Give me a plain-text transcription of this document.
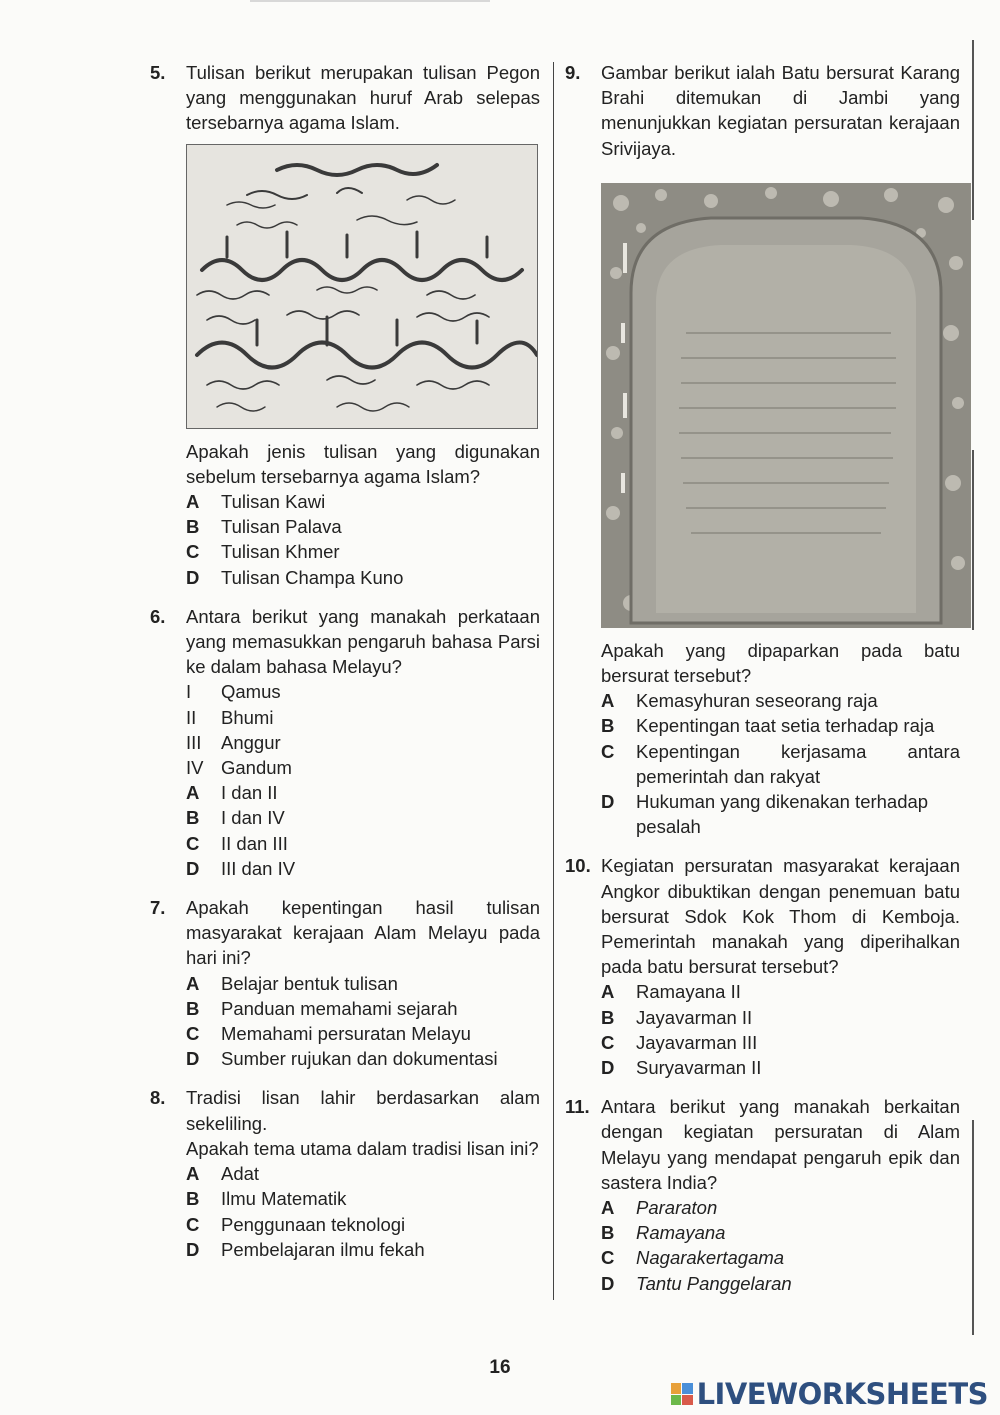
5. Tulisan berikut merupakan tulisan Pegon yang menggunakan huruf Arab selepas tersebarnya agama Islam.

Apakah jenis tulisan yang digunakan sebelum tersebarnya agama Islam?

A	Tulisan Kawi
B	Tulisan Palava
C	Tulisan Khmer
D	Tulisan Champa Kuno
6. Antara berikut yang manakah perkataan yang memasukkan pengaruh bahasa Parsi ke dalam bahasa Melayu?

I	Qamus
II	Bhumi
III	Anggur
IV Gandum
A	I dan II
B	I dan IV
C	II dan III
D	III dan IV
7. Apakah kepentingan hasil tulisan masyarakat kerajaan Alam Melayu pada hari ini?

A	Belajar bentuk tulisan
B	Panduan memahami sejarah
C	Memahami persuratan Melayu
D	Sumber rujukan dan dokumentasi
8. Tradisi lisan lahir berdasarkan alam sekeliling.

Apakah tema utama dalam tradisi lisan ini?

A	Adat
B	Ilmu Matematik
C	Penggunaan teknologi
D	Pembelajaran ilmu fekah
9. Gambar berikut ialah Batu bersurat Karang Brahi ditemukan di Jambi yang menunjukkan kegiatan persuratan kerajaan Srivijaya.

Apakah yang dipaparkan pada batu bersurat tersebut?

A	Kemasyhuran seseorang raja
B	Kepentingan taat setia terhadap raja
C	Kepentingan kerjasama antara pemerintah dan rakyat
D	Hukuman yang dikenakan terhadap pesalah
10. Kegiatan persuratan masyarakat kerajaan Angkor dibuktikan dengan penemuan batu bersurat Sdok Kok Thom di Kemboja. Pemerintah manakah yang diperihalkan pada batu bersurat tersebut?

A	Ramayana II
B	Jayavarman II
C	Jayavarman III
D	Suryavarman II
11. Antara berikut yang manakah berkaitan dengan kegiatan persuratan di Alam Melayu yang mendapat pengaruh epik dan sastera India?

A	Pararaton
B	Ramayana
C	Nagarakertagama
D	Tantu Panggelaran
16
LIVEWORKSHEETS
